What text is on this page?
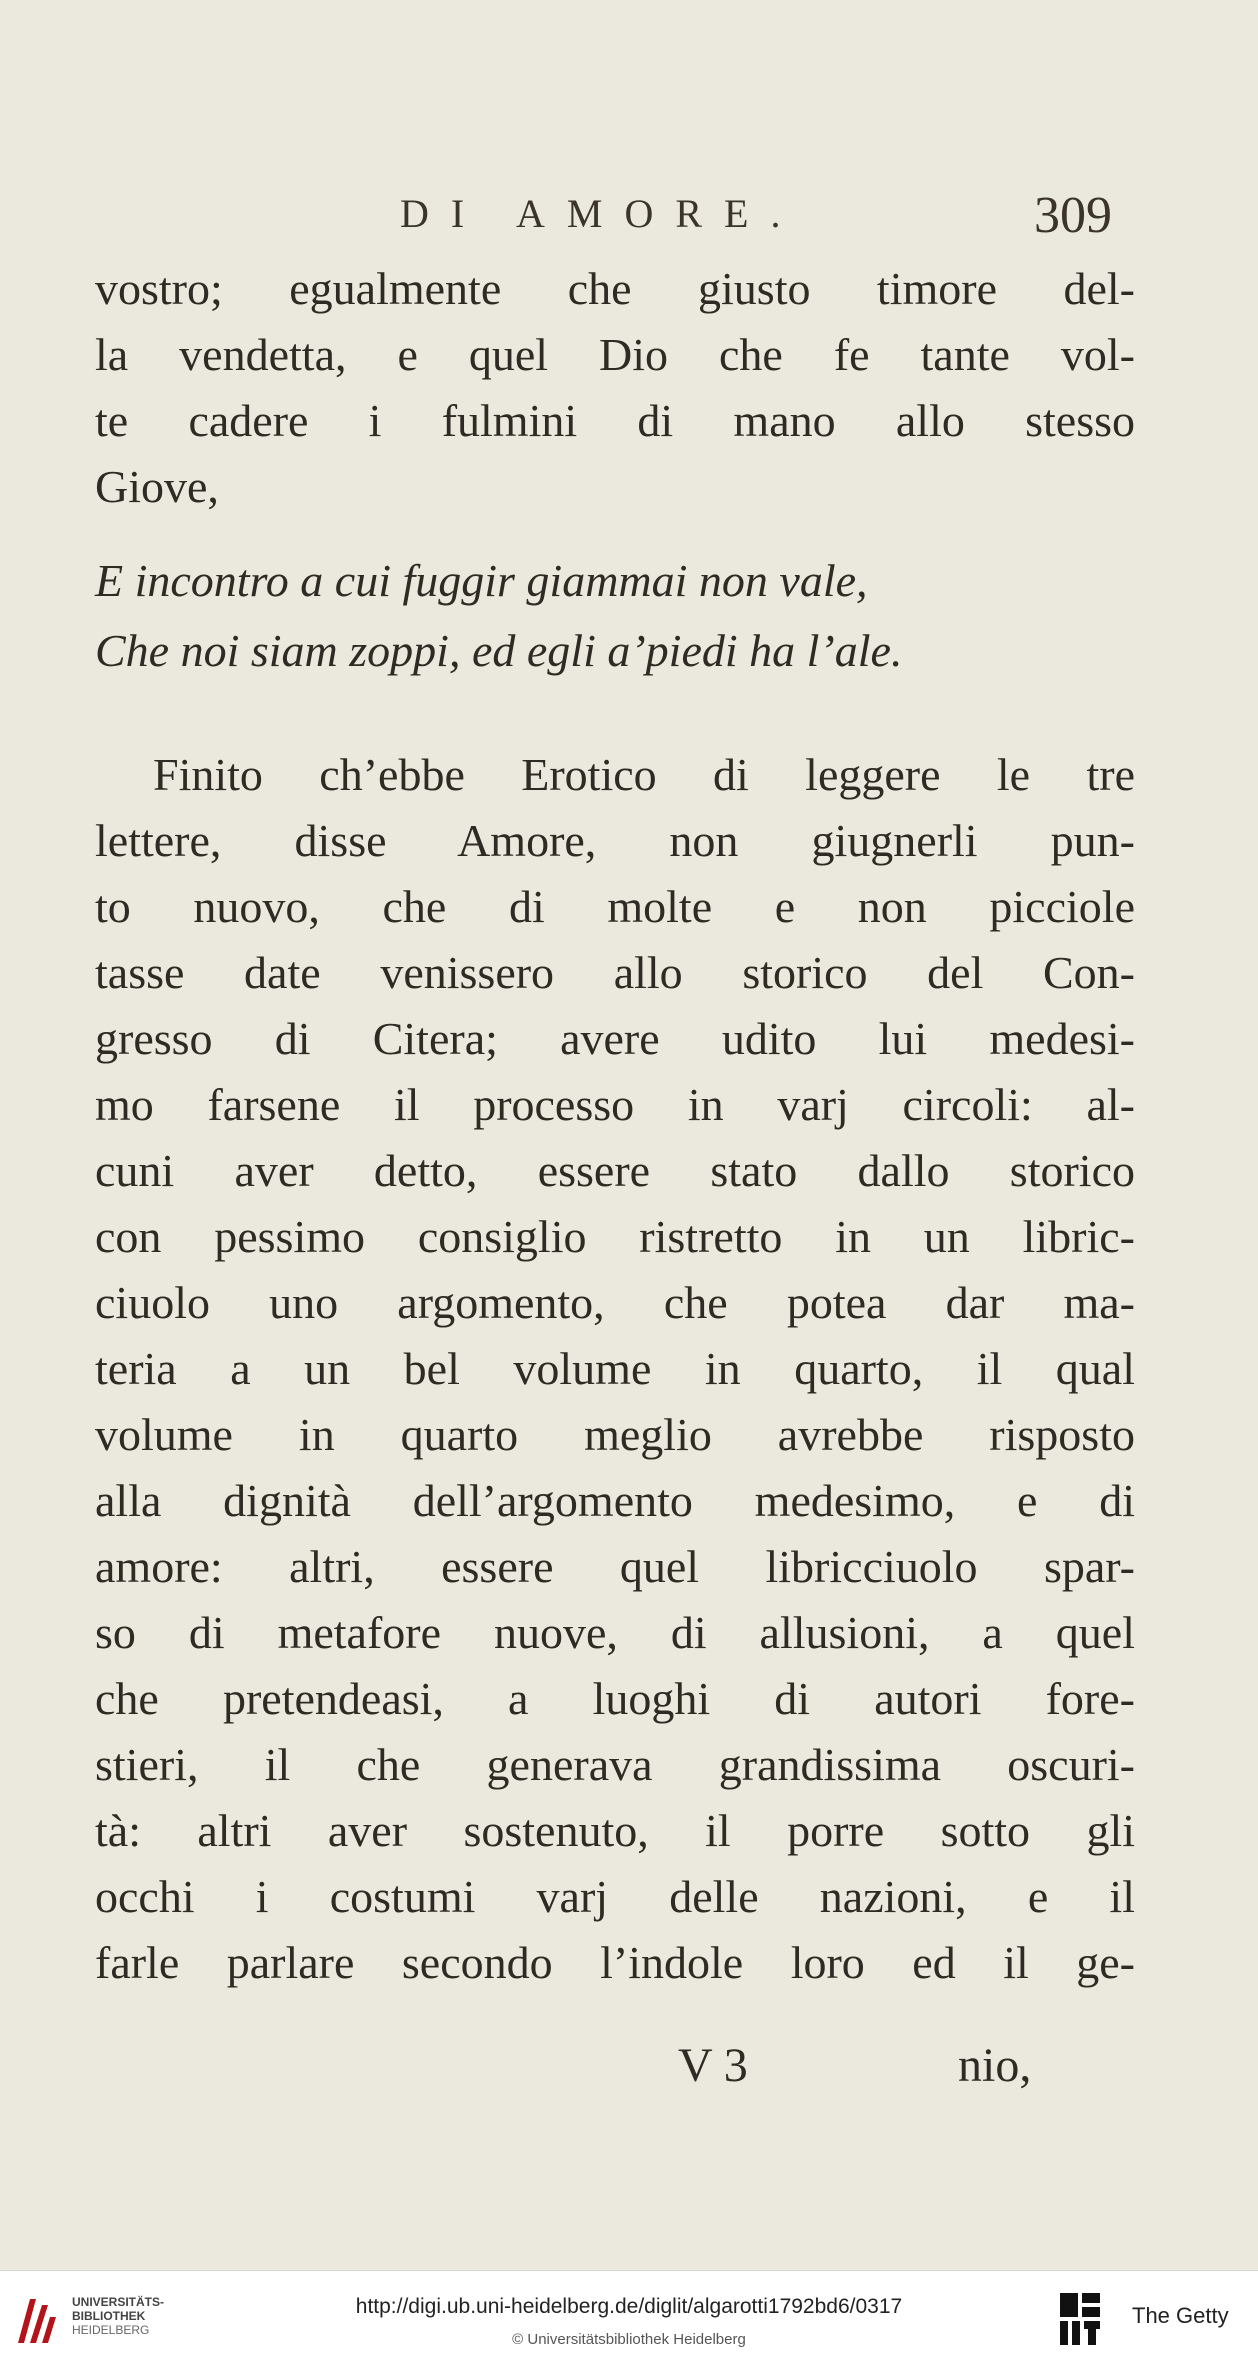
DI AMORE.	309
vostro; egualmente che giusto timore del-
la vendetta, e quel Dio che fe tante vol-
te cadere i fulmini di mano allo stesso
Giove,
E incontro a cui fuggir giammai non vale,
Che noi siam zoppi, ed egli a’piedi ha l’ale.
Finito ch’ebbe Erotico di leggere le tre
lettere, disse Amore, non giugnerli pun-
to nuovo, che di molte e non picciole
tasse date venissero allo storico del Con-
gresso di Citera; avere udito lui medesi-
mo farsene il processo in varj circoli: al-
cuni aver detto, essere stato dallo storico
con pessimo consiglio ristretto in un libric-
ciuolo uno argomento, che potea dar ma-
teria a un bel volume in quarto, il qual
volume in quarto meglio avrebbe risposto
alla dignità dell’argomento medesimo, e di
amore: altri, essere quel libricciuolo spar-
so di metafore nuove, di allusioni, a quel
che pretendeasi, a luoghi di autori fore-
stieri, il che generava grandissima oscuri-
tà: altri aver sostenuto, il porre sotto gli
occhi i costumi varj delle nazioni, e il
farle parlare secondo l’indole loro ed il ge-
V 3	nio,
UNIVERSITÄTS-
BIBLIOTHEK
HEIDELBERG
http://digi.ub.uni-heidelberg.de/diglit/algarotti1792bd6/0317
© Universitätsbibliothek Heidelberg
The Getty
